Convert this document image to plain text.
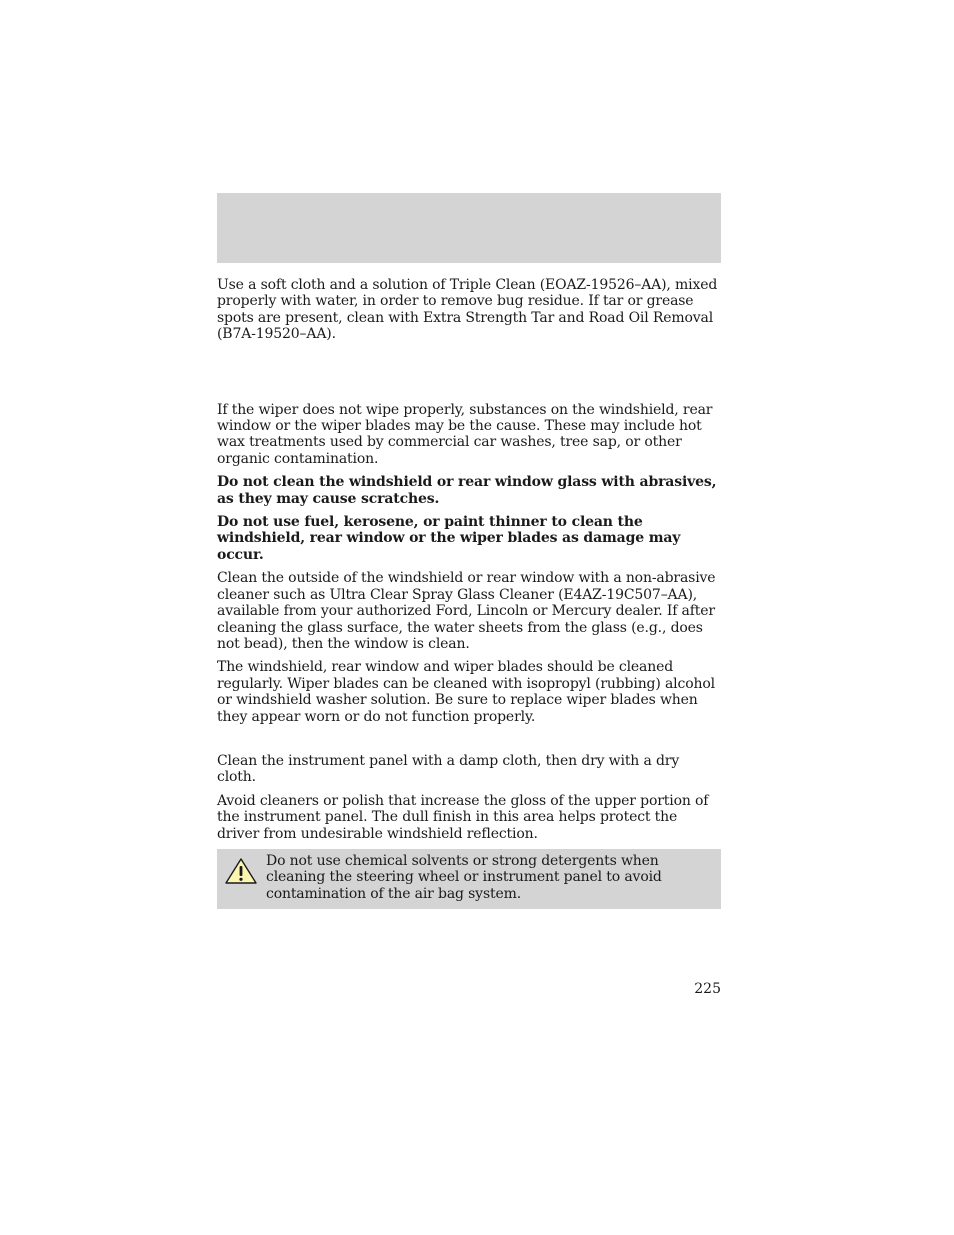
Use a soft cloth and a solution of Triple Clean (EOAZ-19526–AA), mixed properly with water, in order to remove bug residue. If tar or grease spots are present, clean with Extra Strength Tar and Road Oil Removal (B7A-19520–AA).

If the wiper does not wipe properly, substances on the windshield, rear window or the wiper blades may be the cause. These may include hot wax treatments used by commercial car washes, tree sap, or other organic contamination.

Do not clean the windshield or rear window glass with abrasives, as they may cause scratches.

Do not use fuel, kerosene, or paint thinner to clean the windshield, rear window or the wiper blades as damage may occur.

Clean the outside of the windshield or rear window with a non-abrasive cleaner such as Ultra Clear Spray Glass Cleaner (E4AZ-19C507–AA), available from your authorized Ford, Lincoln or Mercury dealer. If after cleaning the glass surface, the water sheets from the glass (e.g., does not bead), then the window is clean.

The windshield, rear window and wiper blades should be cleaned regularly. Wiper blades can be cleaned with isopropyl (rubbing) alcohol or windshield washer solution. Be sure to replace wiper blades when they appear worn or do not function properly.

Clean the instrument panel with a damp cloth, then dry with a dry cloth.

Avoid cleaners or polish that increase the gloss of the upper portion of the instrument panel. The dull finish in this area helps protect the driver from undesirable windshield reflection.

Do not use chemical solvents or strong detergents when cleaning the steering wheel or instrument panel to avoid contamination of the air bag system.
225
